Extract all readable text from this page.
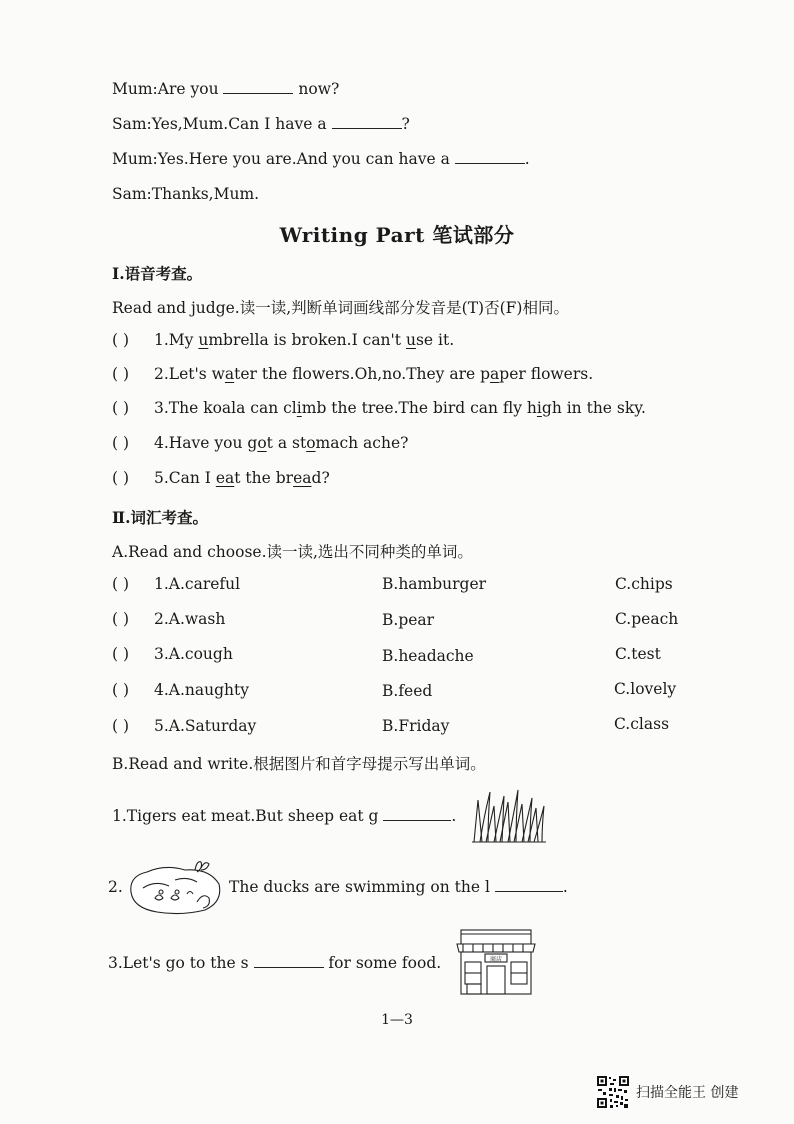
Mum:Are you	now?
Sam:Yes,Mum.Can I have a	?
Mum:Yes.Here you are.And you can have a	.
Sam:Thanks,Mum.
Writing Part 笔试部分
Ⅰ.语音考查。
Read and judge.读一读,判断单词画线部分发音是(T)否(F)相同。
( ) 1.My umbrella is broken.I can't use it.
( ) 2.Let's water the flowers.Oh,no.They are paper flowers.
( ) 3.The koala can climb the tree.The bird can fly high in the sky.
( ) 4.Have you got a stomach ache?
( ) 5.Can I eat the bread?
Ⅱ.词汇考查。
A.Read and choose.读一读,选出不同种类的单词。
( ) 1.A.careful	B.hamburger	C.chips
( ) 2.A.wash	B.pear	C.peach
( ) 3.A.cough	B.headache	C.test
( ) 4.A.naughty	B.feed	C.lovely
( ) 5.A.Saturday	B.Friday	C.class
B.Read and write.根据图片和首字母提示写出单词。
1.Tigers eat meat.But sheep eat g	.
The ducks are swimming on the l	.
2.
3.Let's go to the s	for some food.	商店
1—3
扫描全能王 创建
